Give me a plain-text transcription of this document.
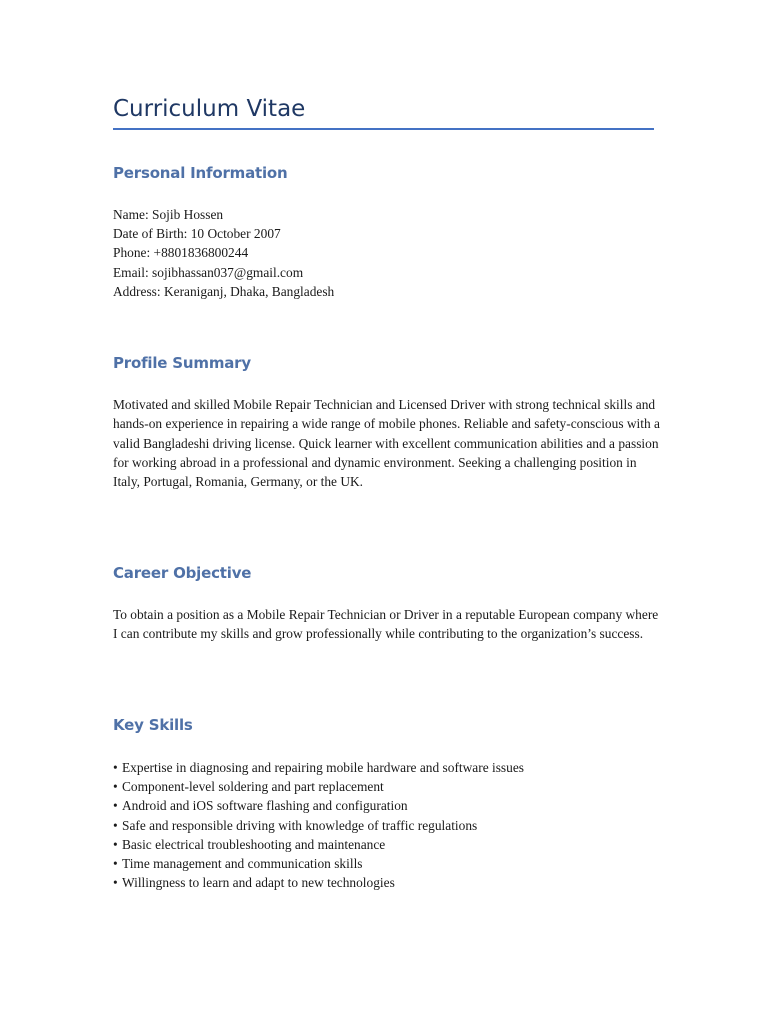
Curriculum Vitae
Personal Information
Name: Sojib Hossen
Date of Birth: 10 October 2007
Phone: +8801836800244
Email: sojibhassan037@gmail.com
Address: Keraniganj, Dhaka, Bangladesh
Profile Summary

Motivated and skilled Mobile Repair Technician and Licensed Driver with strong technical skills and hands-on experience in repairing a wide range of mobile phones. Reliable and safety-conscious with a valid Bangladeshi driving license. Quick learner with excellent communication abilities and a passion for working abroad in a professional and dynamic environment. Seeking a challenging position in Italy, Portugal, Romania, Germany, or the UK.

Career Objective

To obtain a position as a Mobile Repair Technician or Driver in a reputable European company where I can contribute my skills and grow professionally while contributing to the organization’s success.

Key Skills
• Expertise in diagnosing and repairing mobile hardware and software issues
• Component-level soldering and part replacement
• Android and iOS software flashing and configuration
• Safe and responsible driving with knowledge of traffic regulations
• Basic electrical troubleshooting and maintenance
• Time management and communication skills
• Willingness to learn and adapt to new technologies
